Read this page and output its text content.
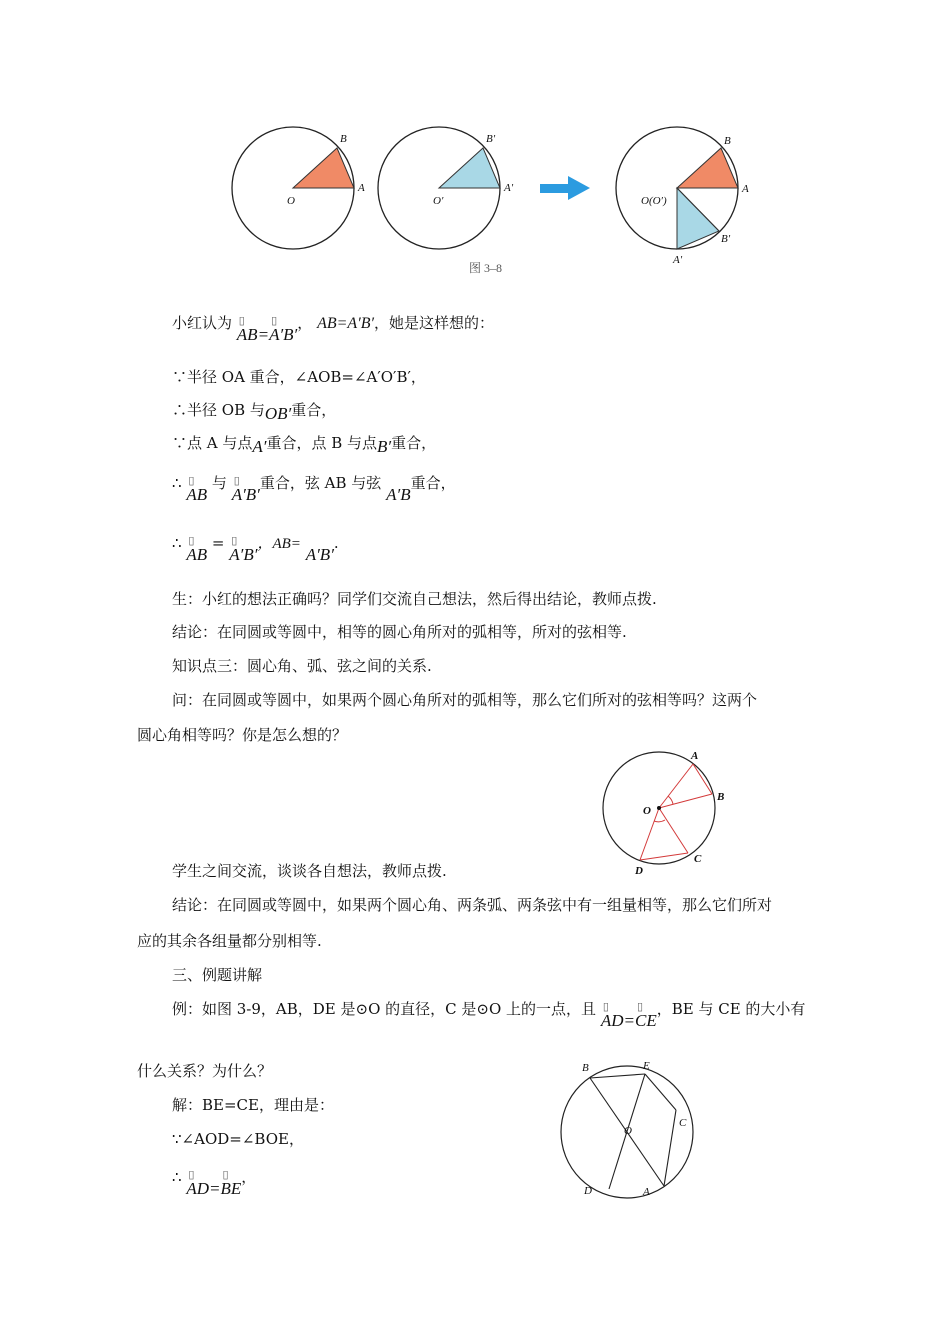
B
A
O
B′
A′
O′
B
A
O(O′)
B′
A′
图 3–8
小红认为 AB
▯
=A′B′
▯ ， AB=A′B′，她是这样想的：
∵半径 OA 重合，∠AOB=∠A′O′B′，
∴半径 OB 与OB′重合，
∵点 A 与点A′重合，点 B 与点B′重合，
∴ AB
▯ 与 A′B′
▯ 重合，弦 AB 与弦 A′B重合，
∴ AB
▯ = A′B′
▯ ，AB= A′B′.
生：小红的想法正确吗？同学们交流自己想法，然后得出结论，教师点拨.
结论：在同圆或等圆中，相等的圆心角所对的弧相等，所对的弦相等.
知识点三：圆心角、弧、弦之间的关系.
问：在同圆或等圆中，如果两个圆心角所对的弧相等，那么它们所对的弦相等吗？这两个
圆心角相等吗？你是怎么想的？
A
B
O
C
D
学生之间交流，谈谈各自想法，教师点拨.
结论：在同圆或等圆中，如果两个圆心角、两条弧、两条弦中有一组量相等，那么它们所对
应的其余各组量都分别相等.
三、例题讲解
例：如图 3-9，AB，DE 是⊙O 的直径，C 是⊙O 上的一点，且 AD
▯
=CE
▯ ，BE 与 CE 的大小有
什么关系？为什么？
解：BE=CE，理由是：
∵∠AOD=∠BOE，
∴ AD
▯
=BE
▯ ，
B	E
O
C
D	A
